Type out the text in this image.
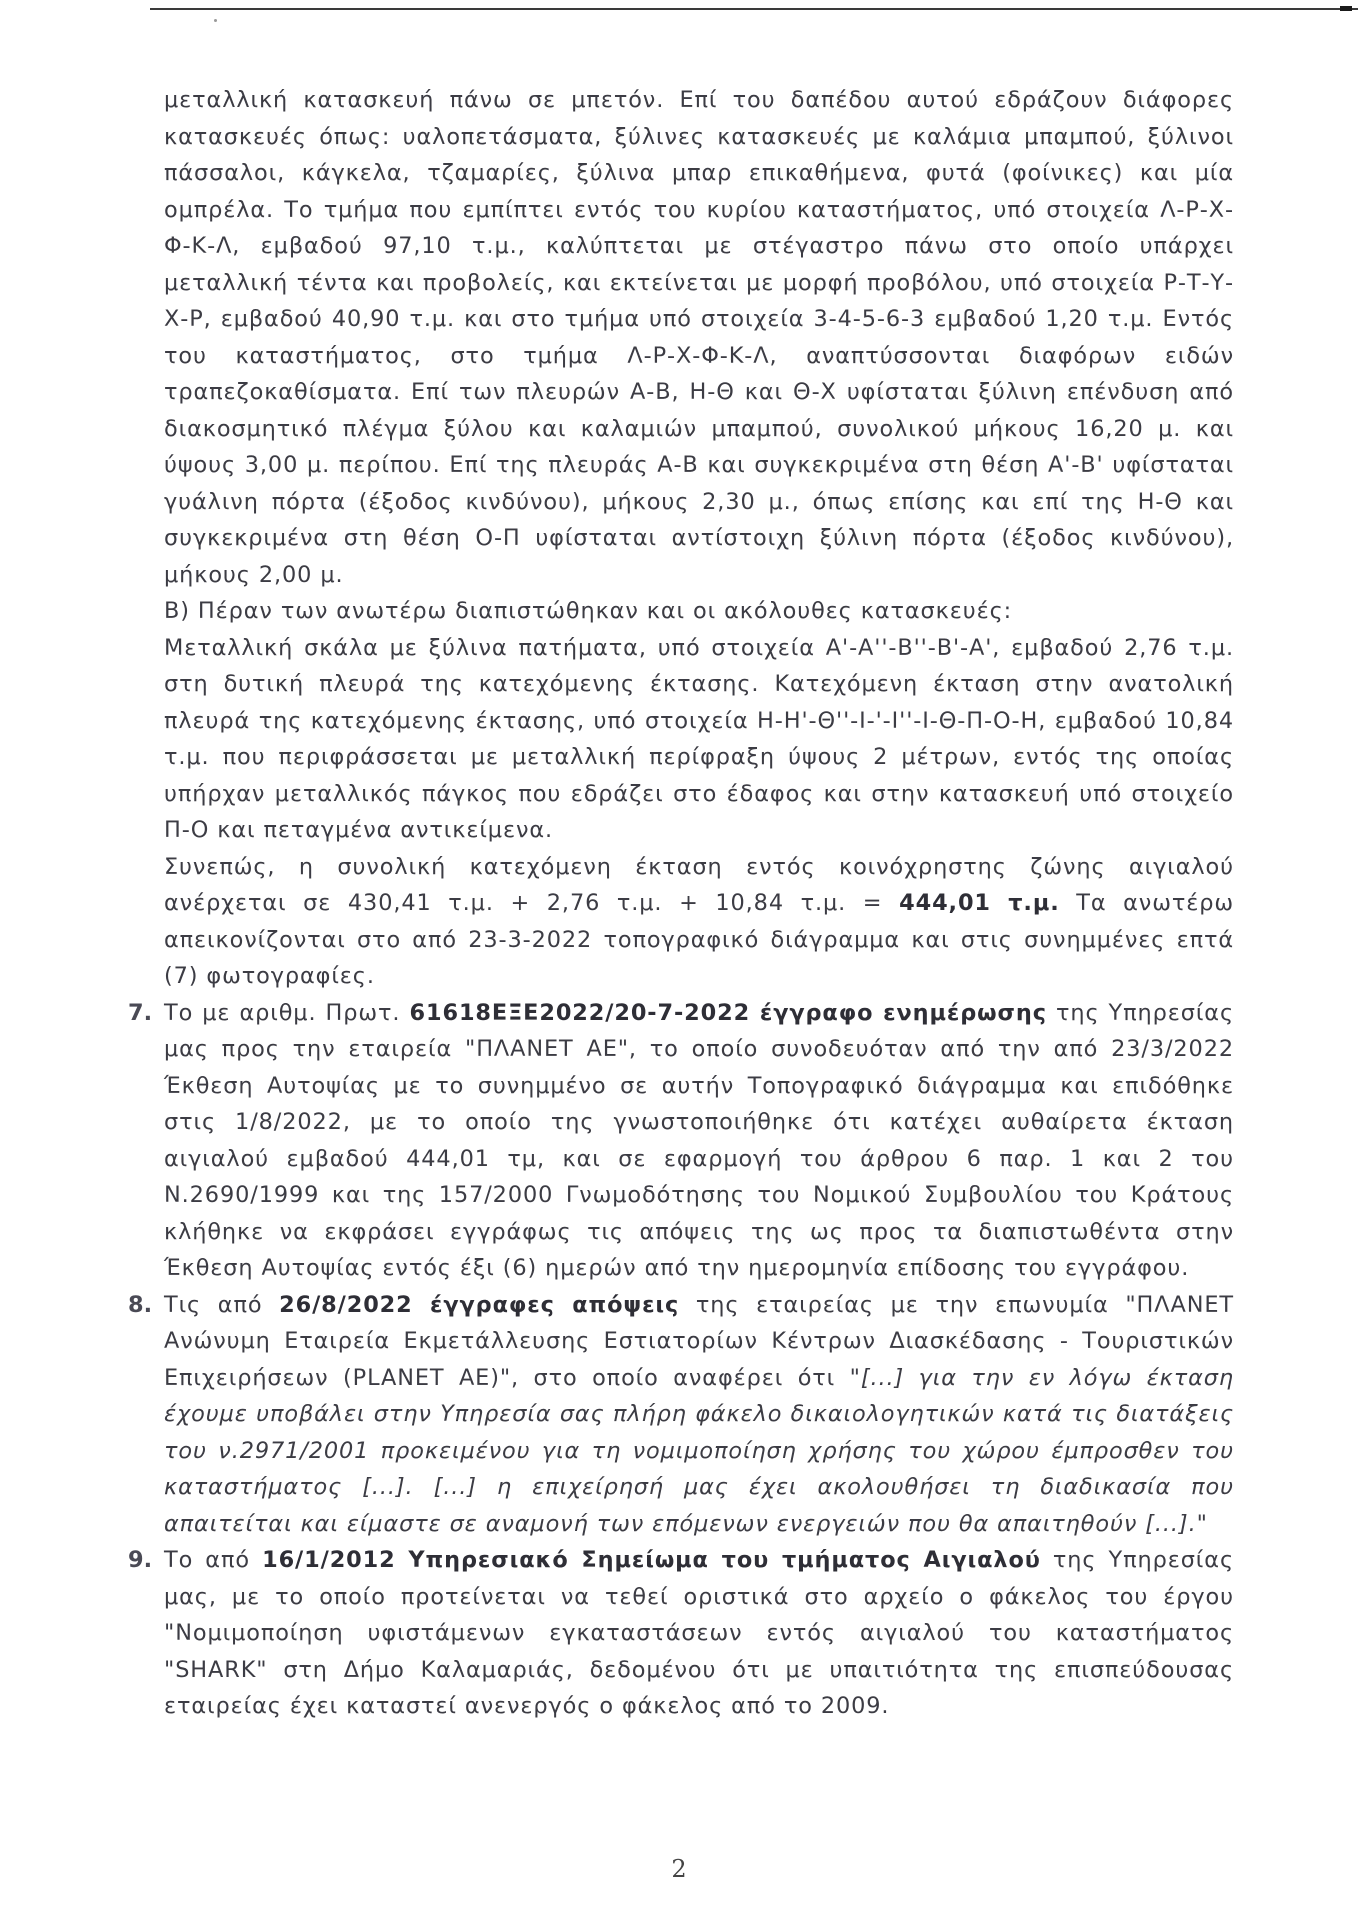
μεταλλική κατασκευή πάνω σε μπετόν. Επί του δαπέδου αυτού εδράζουν διάφορες κατασκευές όπως: υαλοπετάσματα, ξύλινες κατασκευές με καλάμια μπαμπού, ξύλινοι πάσσαλοι, κάγκελα, τζαμαρίες, ξύλινα μπαρ επικαθήμενα, φυτά (φοίνικες) και μία ομπρέλα. Το τμήμα που εμπίπτει εντός του κυρίου καταστήματος, υπό στοιχεία Λ-Ρ-Χ-Φ-Κ-Λ, εμβαδού 97,10 τ.μ., καλύπτεται με στέγαστρο πάνω στο οποίο υπάρχει μεταλλική τέντα και προβολείς, και εκτείνεται με μορφή προβόλου, υπό στοιχεία Ρ-Τ-Υ-Χ-Ρ, εμβαδού 40,90 τ.μ. και στο τμήμα υπό στοιχεία 3-4-5-6-3 εμβαδού 1,20 τ.μ. Εντός του καταστήματος, στο τμήμα Λ-Ρ-Χ-Φ-Κ-Λ, αναπτύσσονται διαφόρων ειδών τραπεζοκαθίσματα. Επί των πλευρών Α-Β, Η-Θ και Θ-Χ υφίσταται ξύλινη επένδυση από διακοσμητικό πλέγμα ξύλου και καλαμιών μπαμπού, συνολικού μήκους 16,20 μ. και ύψους 3,00 μ. περίπου. Επί της πλευράς Α-Β και συγκεκριμένα στη θέση Α'-Β' υφίσταται γυάλινη πόρτα (έξοδος κινδύνου), μήκους 2,30 μ., όπως επίσης και επί της Η-Θ και συγκεκριμένα στη θέση Ο-Π υφίσταται αντίστοιχη ξύλινη πόρτα (έξοδος κινδύνου), μήκους 2,00 μ.

Β) Πέραν των ανωτέρω διαπιστώθηκαν και οι ακόλουθες κατασκευές:

Μεταλλική σκάλα με ξύλινα πατήματα, υπό στοιχεία Α'-Α''-Β''-Β'-Α', εμβαδού 2,76 τ.μ. στη δυτική πλευρά της κατεχόμενης έκτασης. Κατεχόμενη έκταση στην ανατολική πλευρά της κατεχόμενης έκτασης, υπό στοιχεία Η-Η'-Θ''-Ι-'-Ι''-Ι-Θ-Π-Ο-Η, εμβαδού 10,84 τ.μ. που περιφράσσεται με μεταλλική περίφραξη ύψους 2 μέτρων, εντός της οποίας υπήρχαν μεταλλικός πάγκος που εδράζει στο έδαφος και στην κατασκευή υπό στοιχείο Π-Ο και πεταγμένα αντικείμενα.

Συνεπώς, η συνολική κατεχόμενη έκταση εντός κοινόχρηστης ζώνης αιγιαλού ανέρχεται σε 430,41 τ.μ. + 2,76 τ.μ. + 10,84 τ.μ. = 444,01 τ.μ. Τα ανωτέρω απεικονίζονται στο από 23-3-2022 τοπογραφικό διάγραμμα και στις συνημμένες επτά (7) φωτογραφίες.

7. Το με αριθμ. Πρωτ. 61618ΕΞΕ2022/20-7-2022 έγγραφο ενημέρωσης της Υπηρεσίας μας προς την εταιρεία "ΠΛΑΝΕΤ ΑΕ", το οποίο συνοδευόταν από την από 23/3/2022 Έκθεση Αυτοψίας με το συνημμένο σε αυτήν Τοπογραφικό διάγραμμα και επιδόθηκε στις 1/8/2022, με το οποίο της γνωστοποιήθηκε ότι κατέχει αυθαίρετα έκταση αιγιαλού εμβαδού 444,01 τμ, και σε εφαρμογή του άρθρου 6 παρ. 1 και 2 του Ν.2690/1999 και της 157/2000 Γνωμοδότησης του Νομικού Συμβουλίου του Κράτους κλήθηκε να εκφράσει εγγράφως τις απόψεις της ως προς τα διαπιστωθέντα στην Έκθεση Αυτοψίας εντός έξι (6) ημερών από την ημερομηνία επίδοσης του εγγράφου.

8. Τις από 26/8/2022 έγγραφες απόψεις της εταιρείας με την επωνυμία "ΠΛΑΝΕΤ Ανώνυμη Εταιρεία Εκμετάλλευσης Εστιατορίων Κέντρων Διασκέδασης - Τουριστικών Επιχειρήσεων (PLANET ΑΕ)", στο οποίο αναφέρει ότι "[...] για την εν λόγω έκταση έχουμε υποβάλει στην Υπηρεσία σας πλήρη φάκελο δικαιολογητικών κατά τις διατάξεις του ν.2971/2001 προκειμένου για τη νομιμοποίηση χρήσης του χώρου έμπροσθεν του καταστήματος [...]. [...] η επιχείρησή μας έχει ακολουθήσει τη διαδικασία που απαιτείται και είμαστε σε αναμονή των επόμενων ενεργειών που θα απαιτηθούν [...]."

9. Το από 16/1/2012 Υπηρεσιακό Σημείωμα του τμήματος Αιγιαλού της Υπηρεσίας μας, με το οποίο προτείνεται να τεθεί οριστικά στο αρχείο ο φάκελος του έργου "Νομιμοποίηση υφιστάμενων εγκαταστάσεων εντός αιγιαλού του καταστήματος "SHARK" στη Δήμο Καλαμαριάς, δεδομένου ότι με υπαιτιότητα της επισπεύδουσας εταιρείας έχει καταστεί ανενεργός ο φάκελος από το 2009.

2
